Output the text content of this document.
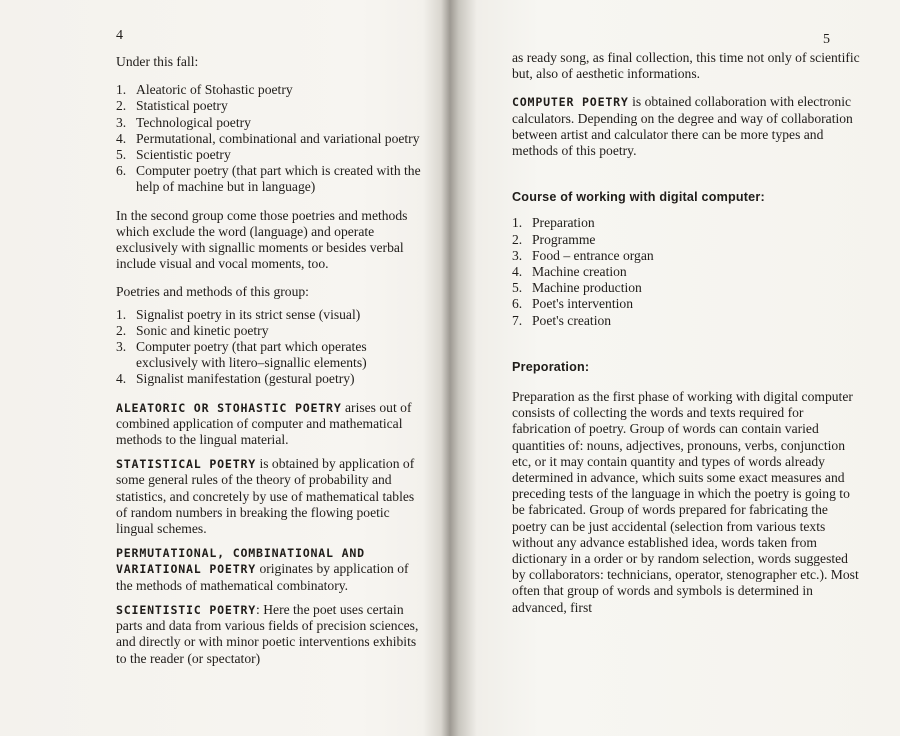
4

Under this fall:

1. Aleatoric of Stohastic poetry
2. Statistical poetry
3. Technological poetry
4. Permutational, combinational and variational poetry
5. Scientistic poetry
6. Computer poetry (that part which is created with the help of machine but in language)

In the second group come those poetries and methods which exclude the word (language) and operate exclusively with signallic moments or besides verbal include visual and vocal moments, too.

Poetries and methods of this group:

1. Signalist poetry in its strict sense (visual)
2. Sonic and kinetic poetry
3. Computer poetry (that part which operates exclusively with litero–signallic elements)
4. Signalist manifestation (gestural poetry)

ALEATORIC OR STOHASTIC POETRY arises out of combined application of computer and mathematical methods to the lingual material.

STATISTICAL POETRY is obtained by application of some general rules of the theory of probability and statistics, and concretely by use of mathematical tables of random numbers in breaking the flowing poetic lingual schemes.

PERMUTATIONAL, COMBINATIONAL AND VARIATIONAL POETRY originates by application of the methods of mathematical combinatory.

SCIENTISTIC POETRY: Here the poet uses certain parts and data from various fields of precision sciences, and directly or with minor poetic interventions exhibits to the reader (or spectator)

5

as ready song, as final collection, this time not only of scientific but, also of aesthetic informations.

COMPUTER POETRY is obtained collaboration with electronic calculators. Depending on the degree and way of collaboration between artist and calculator there can be more types and methods of this poetry.

Course of working with digital computer:

1. Preparation
2. Programme
3. Food – entrance organ
4. Machine creation
5. Machine production
6. Poet's intervention
7. Poet's creation

Preporation:

Preparation as the first phase of working with digital computer consists of collecting the words and texts required for fabrication of poetry. Group of words can contain varied quantities of: nouns, adjectives, pronouns, verbs, conjunction etc, or it may contain quantity and types of words already determined in advance, which suits some exact measures and preceding tests of the language in which the poetry is going to be fabricated. Group of words prepared for fabricating the poetry can be just accidental (selection from various texts without any advance established idea, words taken from dictionary in a order or by random selection, words suggested by collaborators: technicians, operator, stenographer etc.). Most often that group of words and symbols is determined in advanced, first
